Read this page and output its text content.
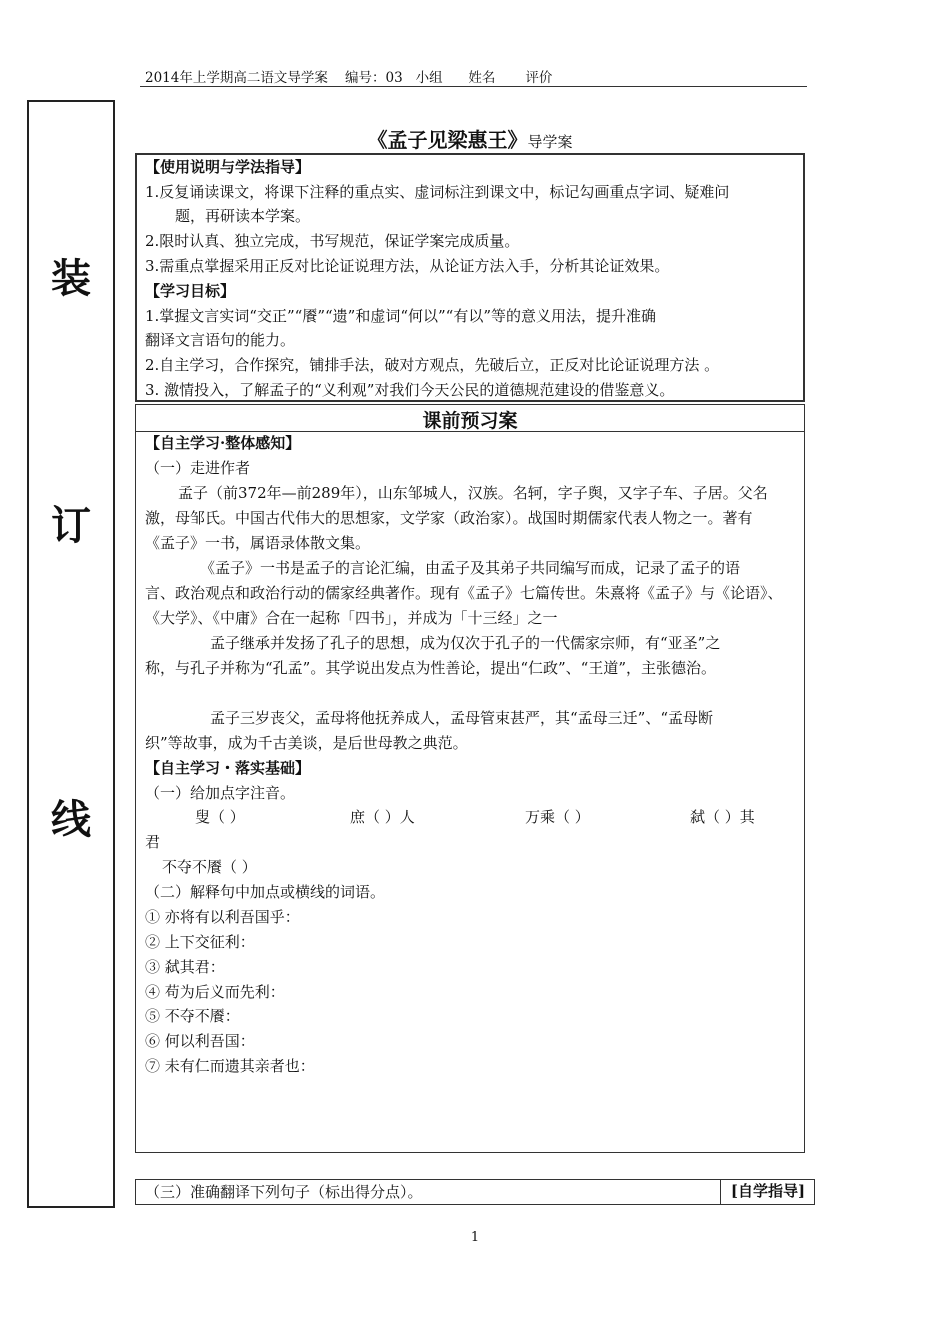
2014年上学期高二语文导学案    编号：03   小组      姓名       评价
装
订
线
《孟子见梁惠王》导学案
【使用说明与学法指导】
1.反复诵读课文，将课下注释的重点实、虚词标注到课文中，标记勾画重点字词、疑难问
题，再研读本学案。
2.限时认真、独立完成，书写规范，保证学案完成质量。
3.需重点掌握采用正反对比论证说理方法，从论证方法入手，分析其论证效果。
【学习目标】
1.掌握文言实词“交正”“餍”“遗”和虚词“何以”“有以”等的意义用法，提升准确
翻译文言语句的能力。
2.自主学习，合作探究，铺排手法，破对方观点，先破后立，正反对比论证说理方法 。
3. 激情投入，了解孟子的“义利观”对我们今天公民的道德规范建设的借鉴意义。
课前预习案
【自主学习·整体感知】
（一）走进作者
孟子（前372年—前289年），山东邹城人，汉族。名轲，字子舆，又字子车、子居。父名
激，母邹氏。中国古代伟大的思想家，文学家（政治家）。战国时期儒家代表人物之一。著有
《孟子》一书，属语录体散文集。
《孟子》一书是孟子的言论汇编，由孟子及其弟子共同编写而成，记录了孟子的语
言、政治观点和政治行动的儒家经典著作。现有《孟子》七篇传世。朱熹将《孟子》与《论语》、
《大学》、《中庸》合在一起称「四书」，并成为「十三经」之一
孟子继承并发扬了孔子的思想，成为仅次于孔子的一代儒家宗师，有“亚圣”之
称，与孔子并称为“孔孟”。其学说出发点为性善论，提出“仁政”、“王道”，主张德治。
孟子三岁丧父，孟母将他抚养成人，孟母管束甚严，其“孟母三迁”、“孟母断
织”等故事，成为千古美谈，是后世母教之典范。
【自主学习・落实基础】
（一）给加点字注音。
叟（ ）	庶（ ）人	万乘（ ）	弑（ ）其
君
不夺不餍（ ）
（二）解释句中加点或横线的词语。
① 亦将有以利吾国乎：
② 上下交征利：
③ 弑其君：
④ 苟为后义而先利：
⑤ 不夺不餍：
⑥ 何以利吾国：
⑦ 未有仁而遗其亲者也：
（三）准确翻译下列句子（标出得分点）。	[自学指导]
1
